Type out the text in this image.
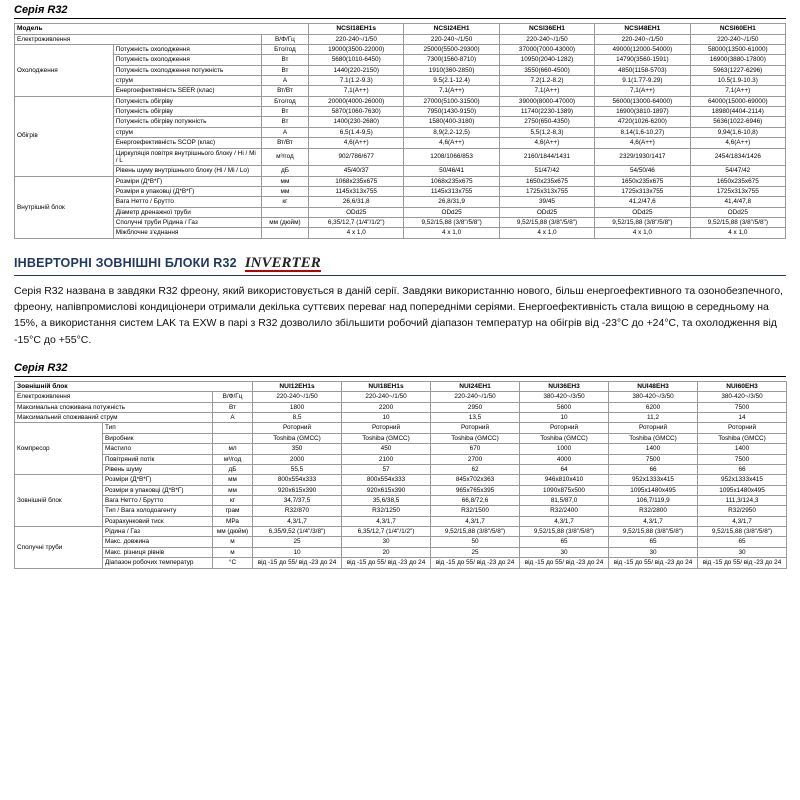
Серія R32
Модель			NCSI18EH1s	NCSI24EH1	NCSI36EH1	NCSI48EH1	NCSI60EH1
Електроживлення		В/Ф/Гц	220-240~/1/50	220-240~/1/50	220-240~/1/50	220-240~/1/50	220-240~/1/50
Охолодження	Потужність охолодження	Бто/год	19000(3500-22000)	25000(5500-29300)	37000(7000-43000)	49000(12000-54000)	58000(13500-61000)
	Потужність охолодження	Вт	5680(1010-6450)	7300(1560-8710)	10950(2040-1282)	14790(3560-1591)	16900(3880-17800)
	Потужність охолодження потужність	Вт	1440(220-2150)	1910(360-2850)	3550(660-4500)	4850(1158-5703)	5963(1227-6296)
	струм	А	7.1(1.2-9.3)	9.5(2.1-12.4)	7.2(1.2-8.2)	9.1(1.77-9.29)	10.5(1.9-10.3)
	Енергоефективність SEER (клас)	Вт/Вт	7,1(А++)	7,1(А++)	7,1(А++)	7,1(А++)	7,1(А++)
Обігрів	Потужність обігріву	Бто/год	20000(4000-26000)	27000(5100-31500)	39000(8000-47000)	56000(13000-64000)	64000(15000-69000)
	Потужність обігріву	Вт	5870(1060-7630)	7950(1430-9150)	11740(2230-1389)	16900(3810-1897)	18980(4404-2114)
	Потужність обігріву потужність	Вт	1400(230-2680)	1580(400-3180)	2750(650-4350)	4720(1026-6200)	5636(1022-6946)
	струм	А	6,5(1.4-9,5)	8,9(2,2-12,5)	5,5(1,2-8,3)	8,14(1,6-10,27)	9,94(1,6-10,8)
	Енергоефективність SCOP (клас)	Вт/Вт	4,6(А++)	4,6(А++)	4,6(А++)	4,6(А++)	4,6(А++)
	Циркуляція повітря внутрішнього блоку / Ні / Мі / L	м³/год	902/786/677	1208/1066/853	2160/1844/1431	2329/1930/1417	2454/1834/1426
	Рівень шуму внутрішнього блоку (Ні / Мі / Lo)	дБ	45/40/37	50/46/41	51/47/42	54/50/46	54/47/42
Внутрішній блок	Розміри (Д*В*Г)	мм	1068х235х675	1068х235х675	1650х235х675	1650х235х675	1650х235х675
	Розміри в упаковці (Д*В*Г)	мм	1145х313х755	1145х313х755	1725х313х755	1725х313х755	1725х313х755
	Вага Нетто / Брутто	кг	26,6/31,8	26,8/31,9	39/45	41,2/47,6	41,4/47,8
	Діаметр дренажної труби		ODd25	ODd25	ODd25	ODd25	ODd25
	Сполучні труби Рідина / Газ	мм (дюйм)	6,35/12,7 (1/4"/1/2")	9,52/15,88 (3/8"/5/8")	9,52/15,88 (3/8"/5/8")	9,52/15,88 (3/8"/5/8")	9,52/15,88 (3/8"/5/8")
	Міжблочне з'єднання		4 х 1,0	4 х 1,0	4 х 1,0	4 х 1,0	4 х 1,0
ІНВЕРТОРНІ ЗОВНІШНІ БЛОКИ R32 INVERTER
Серія R32 названа в завдяки R32 фреону, який використовується в даній серії. Завдяки використанню нового, більш енергоефективного та озонобезпечного, фреону, напівпромислові кондиціонери отримали декілька суттєвих переваг над попередніми серіями. Енергоефективність стала вищою в середньому на 15%, а використання систем LAK та EXW в парі з R32 дозволило збільшити робочий діапазон температур на обігрів від -23°C до +24°C, та охолодження від -15°C до +55°C.
Серія R32
Зовнішній блок			NUI12EH1s	NUI18EH1s	NUI24EH1	NUI36EH3	NUI48EH3	NUI60EH3
Електроживлення		В/Ф/Гц	220-240~/1/50	220-240~/1/50	220-240~/1/50	380-420~/3/50	380-420~/3/50	380-420~/3/50
Максимальна споживана потужність		Вт	1800	2200	2950	5600	6200	7500
Максимальний споживаний струм		А	8,5	10	13,5	10	11,2	14
Компресор	Тип		Роторний	Роторний	Роторний	Роторний	Роторний	Роторний
	Виробник		Toshiba (GMCC)	Toshiba (GMCC)	Toshiba (GMCC)	Toshiba (GMCC)	Toshiba (GMCC)	Toshiba (GMCC)
	Мастило	мл	350	450	670	1000	1400	1400
	Повітряний потік	м³/год	2000	2100	2700	4000	7500	7500
	Рівень шуму	дБ	55,5	57	62	64	66	66
Зовнішній блок	Розміри (Д*В*Г)	мм	800х554х333	800х554х333	845х702х363	946х810х410	952х1333х415	952х1333х415
	Розміри в упаковці (Д*В*Г)	мм	920х615х390	920х615х390	965х765х395	1090х875х500	1095х1480х495	1095х1480х495
	Вага Нетто / Брутто	кг	34,7/37,5	35,6/38,5	66,8/72,6	81,5/87,0	106,7/119,9	111,3/124,3
	Тип / Вага холодоагенту	грам	R32/870	R32/1250	R32/1500	R32/2400	R32/2800	R32/2950
	Розрахунковий тиск	МРа	4,3/1,7	4,3/1,7	4,3/1,7	4,3/1,7	4,3/1,7	4,3/1,7
Сполучні труби	Рідина / Газ	мм (дюйм)	6,35/9,52 (1/4"/3/8")	6,35/12,7 (1/4"/1/2")	9,52/15,88 (3/8"/5/8")	9,52/15,88 (3/8"/5/8")	9,52/15,88 (3/8"/5/8")	9,52/15,88 (3/8"/5/8")
	Макс. довжина	м	25	30	50	65	65	65
	Макс. різниця рівнів	м	10	20	25	30	30	30
	Діапазон робочих температур	°С	від -15 до 55/ від -23 до 24	від -15 до 55/ від -23 до 24	від -15 до 55/ від -23 до 24	від -15 до 55/ від -23 до 24	від -15 до 55/ від -23 до 24	від -15 до 55/ від -23 до 24
